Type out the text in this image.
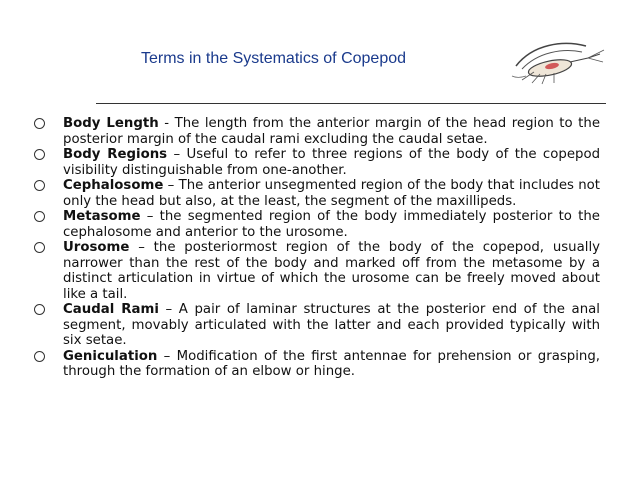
Terms in the Systematics of Copepod
Body Length - The length from the anterior margin of the head region to the posterior margin of the caudal rami excluding the caudal setae.
Body Regions – Useful to refer to three regions of the body of the copepod visibility distinguishable from one-another.
Cephalosome – The anterior unsegmented region of the body that includes not only the head but also, at the least, the segment of the maxillipeds.
Metasome – the segmented region of the body immediately posterior to the cephalosome and anterior to the urosome.
Urosome – the posteriormost region of the body of the copepod, usually narrower than the rest of the body and marked off from the metasome by a distinct articulation in virtue of which the urosome can be freely moved about like a tail.
Caudal Rami – A pair of laminar structures at the posterior end of the anal segment, movably articulated with the latter and each provided typically with six setae.
Geniculation – Modification of the first antennae for prehension or grasping, through the formation of an elbow or hinge.
